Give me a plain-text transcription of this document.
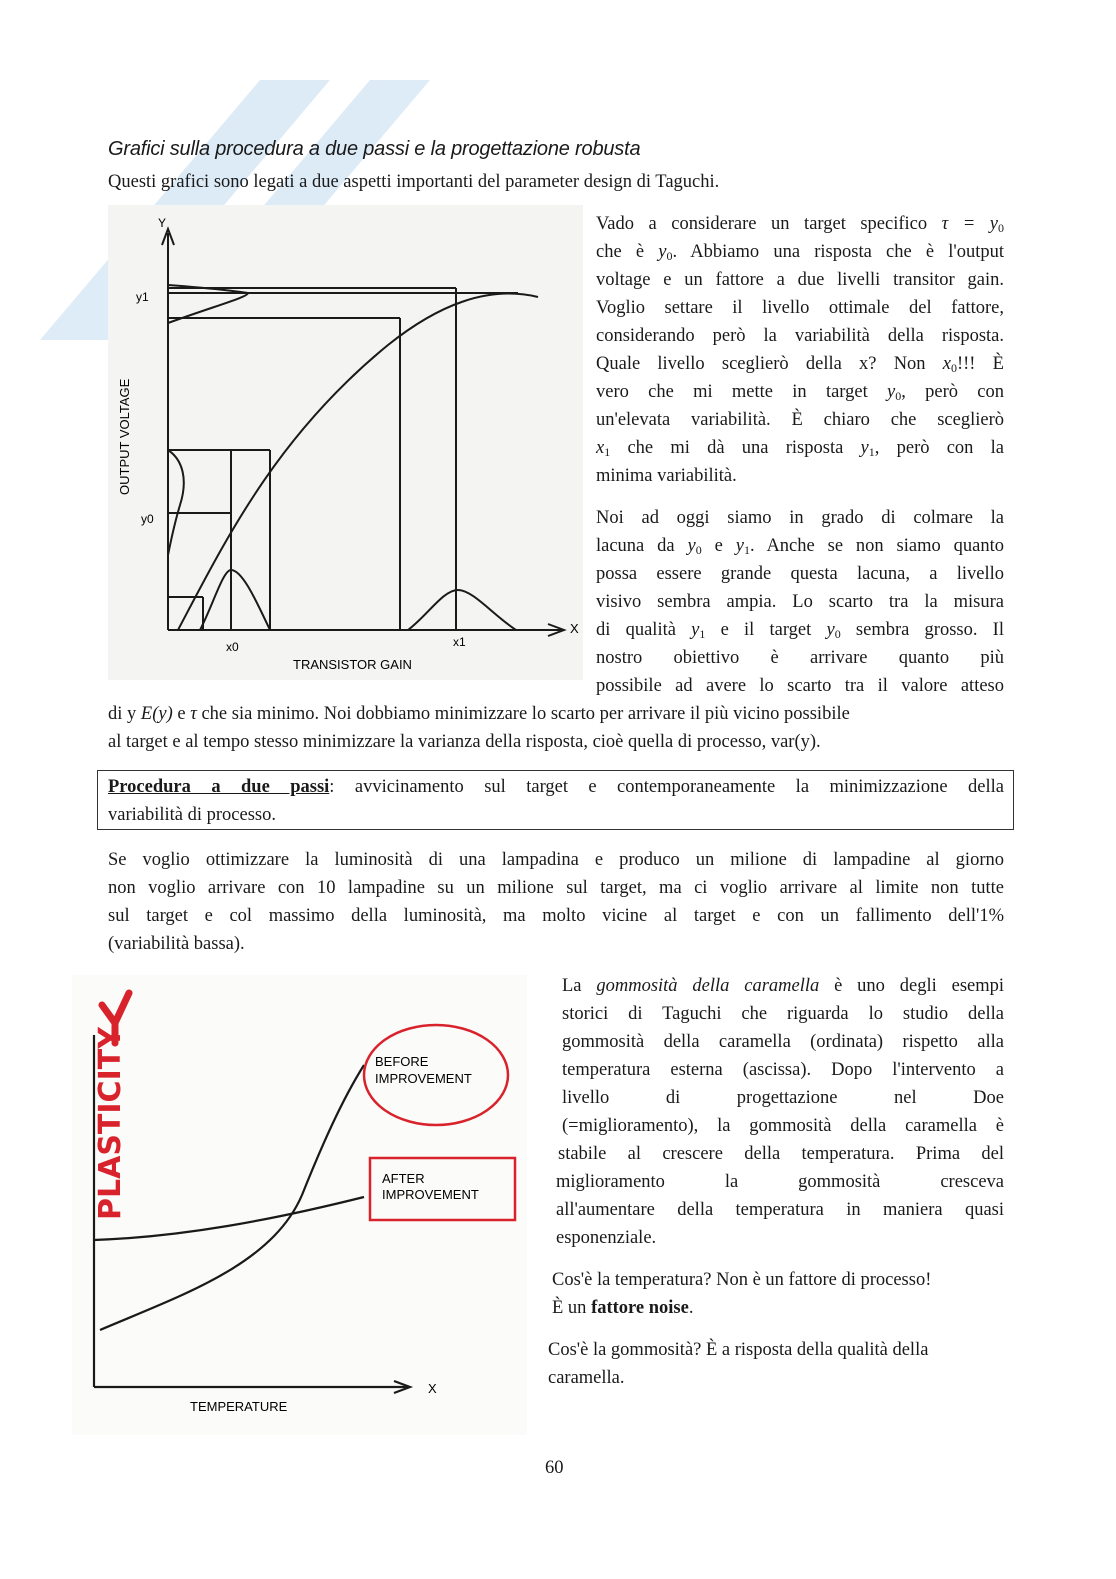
Grafici sulla procedura a due passi e la progettazione robusta
Questi grafici sono legati a due aspetti importanti del parameter design di Taguchi.
Y
X
y1
y0
x0	x1
TRANSISTOR GAIN
OUTPUT VOLTAGE
Vado a considerare un target specifico $\tau = y_0$
che è $y_0$. Abbiamo una risposta che è l'output
voltage e un fattore a due livelli transitor gain.
Voglio settare il livello ottimale del fattore,
considerando però la variabilità della risposta.
Quale livello sceglierò della x? Non $x_0$!!! È
vero che mi mette in target $y_0$, però con
un'elevata variabilità. È chiaro che sceglierò
$x_1$ che mi dà una risposta $y_1$, però con la
minima variabilità.
Noi ad oggi siamo in grado di colmare la
lacuna da $y_0$ e $y_1$. Anche se non siamo quanto
possa essere grande questa lacuna, a livello
visivo sembra ampia. Lo scarto tra la misura
di qualità $y_1$ e il target $y_0$ sembra grosso. Il
nostro obiettivo è arrivare quanto più
possibile ad avere lo scarto tra il valore atteso
di y E(y) e τ che sia minimo. Noi dobbiamo minimizzare lo scarto per arrivare il più vicino possibile
al target e al tempo stesso minimizzare la varianza della risposta, cioè quella di processo, var(y).
Procedura a due passi: avvicinamento sul target e contemporaneamente la minimizzazione della
variabilità di processo.
Se voglio ottimizzare la luminosità di una lampadina e produco un milione di lampadine al giorno
non voglio arrivare con 10 lampadine su un milione sul target, ma ci voglio arrivare al limite non tutte
sul target e col massimo della luminosità, ma molto vicine al target e con un fallimento dell'1%
(variabilità bassa).
PLASTICITY	BEFORE
IMPROVEMENT
AFTER
IMPROVEMENT
X
TEMPERATURE
La gommosità della caramella è uno degli esempi
storici di Taguchi che riguarda lo studio della
gommosità della caramella (ordinata) rispetto alla
temperatura esterna (ascissa). Dopo l'intervento a
livello di progettazione nel Doe
(=miglioramento), la gommosità della caramella è
stabile al crescere della temperatura. Prima del
miglioramento la gommosità cresceva
all'aumentare della temperatura in maniera quasi
esponenziale.
Cos'è la temperatura? Non è un fattore di processo!
È un fattore noise.
Cos'è la gommosità? È a risposta della qualità della
caramella.
60
